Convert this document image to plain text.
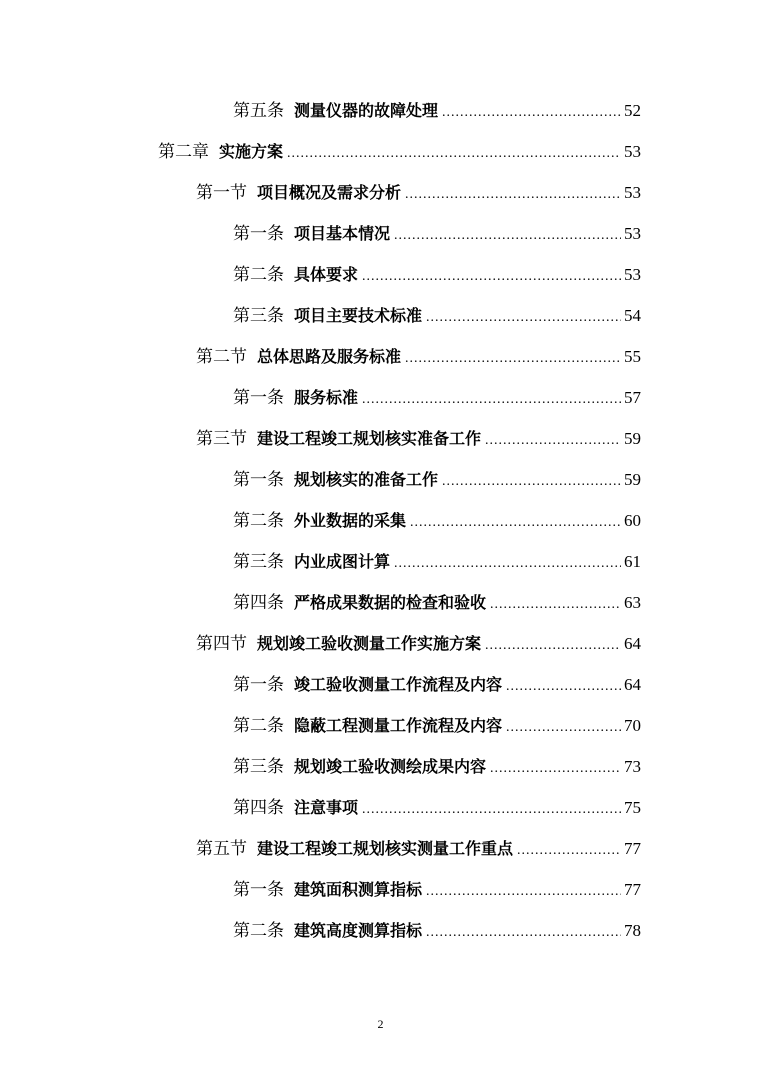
第五条 测量仪器的故障处理 .....	52
第二章 实施方案 .....	53
第一节 项目概况及需求分析 .....	53
第一条 项目基本情况 .....	53
第二条 具体要求 .....	53
第三条 项目主要技术标准 .....	54
第二节 总体思路及服务标准 .....	55
第一条 服务标准 .....	57
第三节 建设工程竣工规划核实准备工作 .....	59
第一条 规划核实的准备工作 .....	59
第二条 外业数据的采集 .....	60
第三条 内业成图计算 .....	61
第四条 严格成果数据的检查和验收 .....	63
第四节 规划竣工验收测量工作实施方案 .....	64
第一条 竣工验收测量工作流程及内容 .....	64
第二条 隐蔽工程测量工作流程及内容 .....	70
第三条 规划竣工验收测绘成果内容 .....	73
第四条 注意事项 .....	75
第五节 建设工程竣工规划核实测量工作重点 .....	77
第一条 建筑面积测算指标 .....	77
第二条 建筑高度测算指标 .....	78
2
